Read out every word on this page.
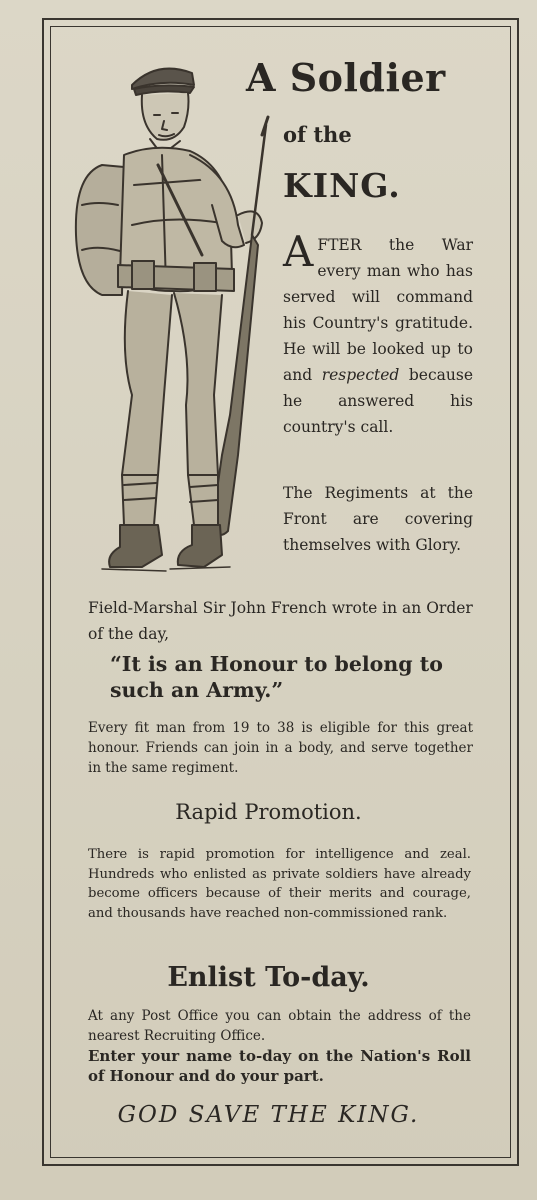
A Soldier
of the
KING.
AFTER the War every man who has served will command his Country's gratitude. He will be looked up to and respected because he answered his country's call.
The Regiments at the Front are covering themselves with Glory.
Field-Marshal Sir John French wrote in an Order of the day,
“It is an Honour to belong to such an Army.”
Every fit man from 19 to 38 is eligible for this great honour. Friends can join in a body, and serve together in the same regiment.
Rapid Promotion.
There is rapid promotion for intelligence and zeal. Hundreds who enlisted as private soldiers have already become officers because of their merits and courage, and thousands have reached non-commissioned rank.
Enlist To-day.
At any Post Office you can obtain the address of the nearest Recruiting Office.
Enter your name to-day on the Nation's Roll of Honour and do your part.
GOD SAVE THE KING.
